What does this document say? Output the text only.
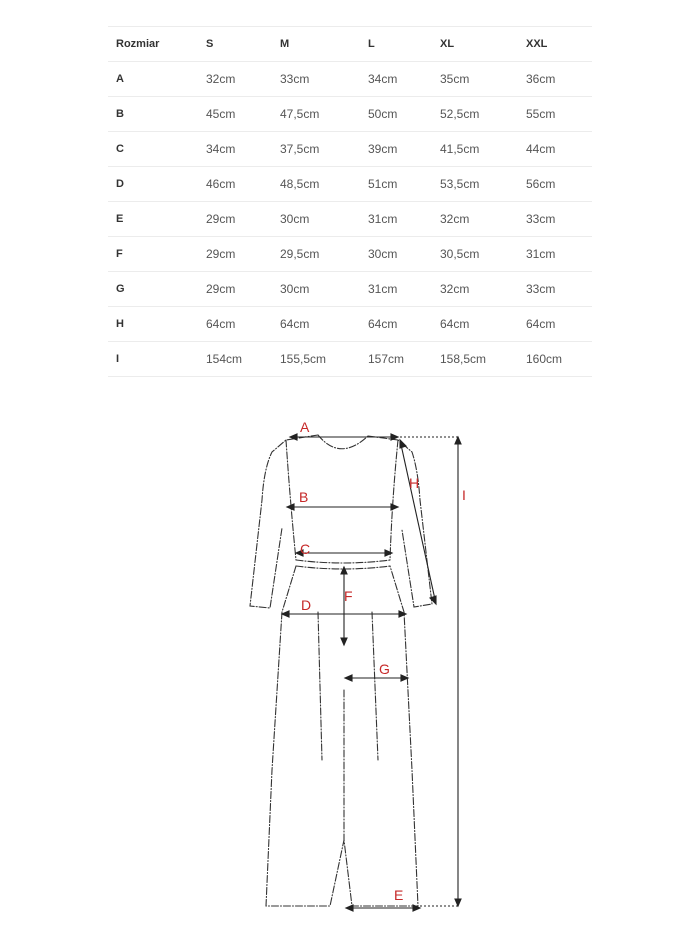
Rozmiar	S	M	L	XL	XXL
A	32cm	33cm	34cm	35cm	36cm
B	45cm	47,5cm	50cm	52,5cm	55cm
C	34cm	37,5cm	39cm	41,5cm	44cm
D	46cm	48,5cm	51cm	53,5cm	56cm
E	29cm	30cm	31cm	32cm	33cm
F	29cm	29,5cm	30cm	30,5cm	31cm
G	29cm	30cm	31cm	32cm	33cm
H	64cm	64cm	64cm	64cm	64cm
I	154cm	155,5cm	157cm	158,5cm	160cm
A
B
C
D
F
G
H
I
E
